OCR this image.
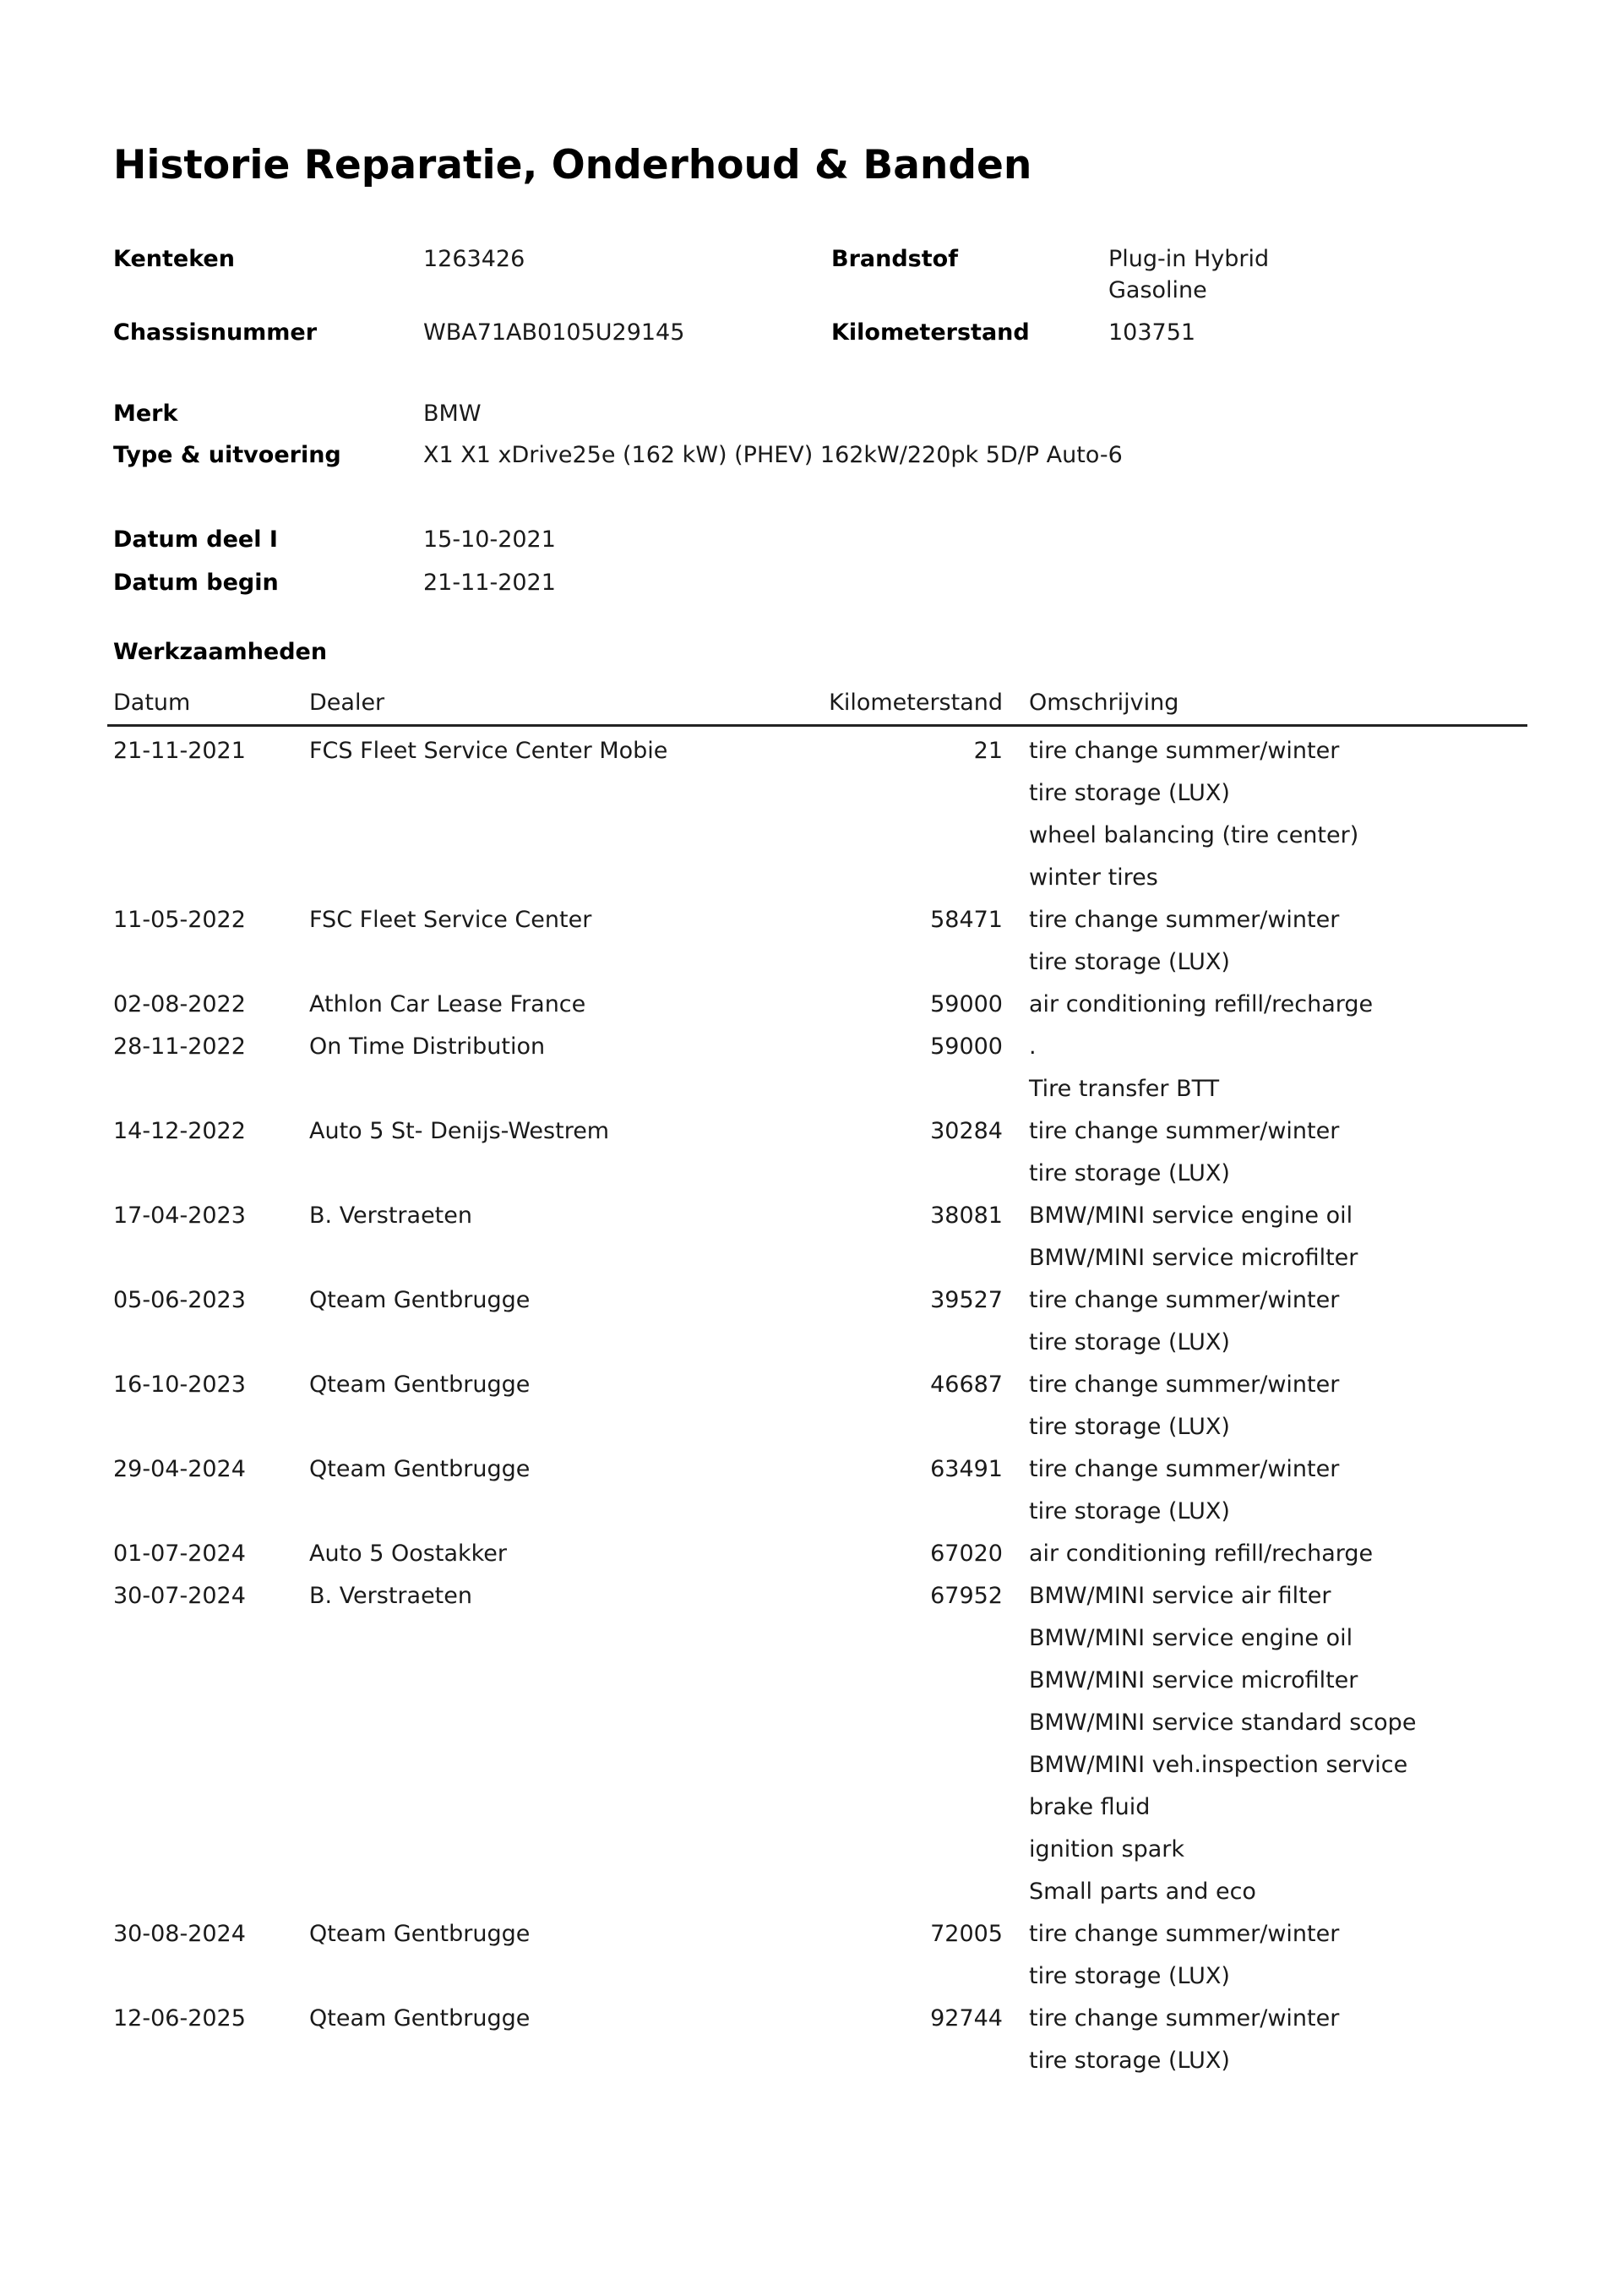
Historie Reparatie, Onderhoud & Banden
Kenteken	1263426	Brandstof	Plug-in Hybrid
Gasoline
Chassisnummer	WBA71AB0105U29145	Kilometerstand	103751
Merk	BMW
Type & uitvoering	X1 X1 xDrive25e (162 kW) (PHEV) 162kW/220pk 5D/P Auto-6
Datum deel I	15-10-2021
Datum begin	21-11-2021
Werkzaamheden
Datum	Dealer	Kilometerstand Omschrijving
21-11-2021	FCS Fleet Service Center Mobie	21 tire change summer/winter
tire storage (LUX)
wheel balancing (tire center)
winter tires
11-05-2022	FSC Fleet Service Center	58471 tire change summer/winter
tire storage (LUX)
02-08-2022	Athlon Car Lease France	59000 air conditioning refill/recharge
28-11-2022	On Time Distribution	59000 .
Tire transfer BTT
14-12-2022	Auto 5 St- Denijs-Westrem	30284 tire change summer/winter
tire storage (LUX)
17-04-2023	B. Verstraeten	38081 BMW/MINI service engine oil
BMW/MINI service microfilter
05-06-2023	Qteam Gentbrugge	39527 tire change summer/winter
tire storage (LUX)
16-10-2023	Qteam Gentbrugge	46687 tire change summer/winter
tire storage (LUX)
29-04-2024	Qteam Gentbrugge	63491 tire change summer/winter
tire storage (LUX)
01-07-2024	Auto 5 Oostakker	67020 air conditioning refill/recharge
30-07-2024	B. Verstraeten	67952 BMW/MINI service air filter
BMW/MINI service engine oil
BMW/MINI service microfilter
BMW/MINI service standard scope
BMW/MINI veh.inspection service
brake fluid
ignition spark
Small parts and eco
30-08-2024	Qteam Gentbrugge	72005 tire change summer/winter
tire storage (LUX)
12-06-2025	Qteam Gentbrugge	92744 tire change summer/winter
tire storage (LUX)
